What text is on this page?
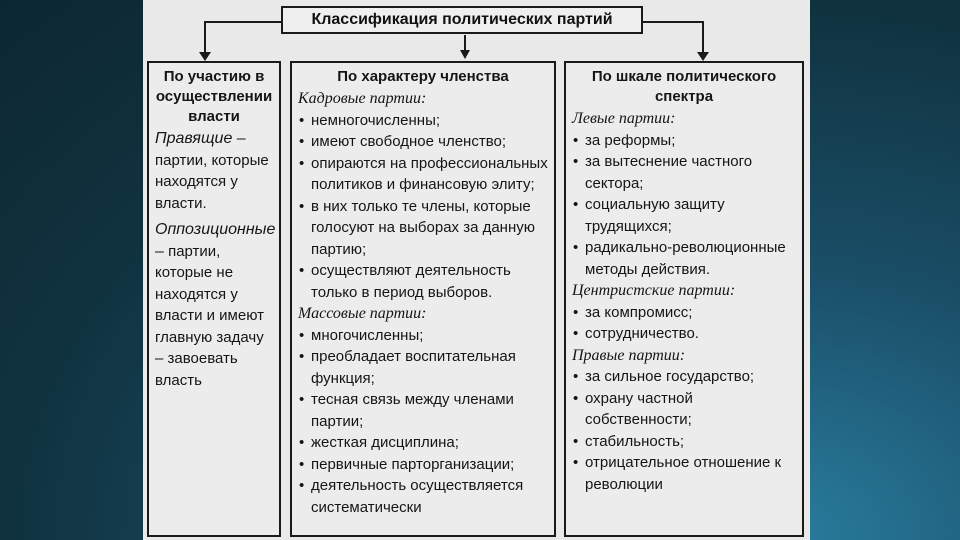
Классификация политических партий
По участию в осуществлении власти

Правящие – партии, которые находятся у власти.

Оппозиционные – партии, которые не находятся у власти и имеют главную задачу – завоевать власть

По характеру членства
Кадровые партии:
• немногочисленны;
• имеют свободное членство;
• опираются на профессиональных политиков и финансовую элиту;
• в них только те члены, которые голосуют на выборах за данную партию;
• осуществляют деятельность только в период выборов.
Массовые партии:
• многочисленны;
• преобладает воспитательная функция;
• тесная связь между членами партии;
• жесткая дисциплина;
• первичные парторганизации;
• деятельность осуществляется систематически
По шкале политического спектра
Левые партии:
• за реформы;
• за вытеснение частного сектора;
• социальную защиту трудящихся;
• радикально-революционные методы действия.
Центристские партии:
• за компромисс;
• сотрудничество.
Правые партии:
• за сильное государство;
• охрану частной собственности;
• стабильность;
• отрицательное отношение к революции
